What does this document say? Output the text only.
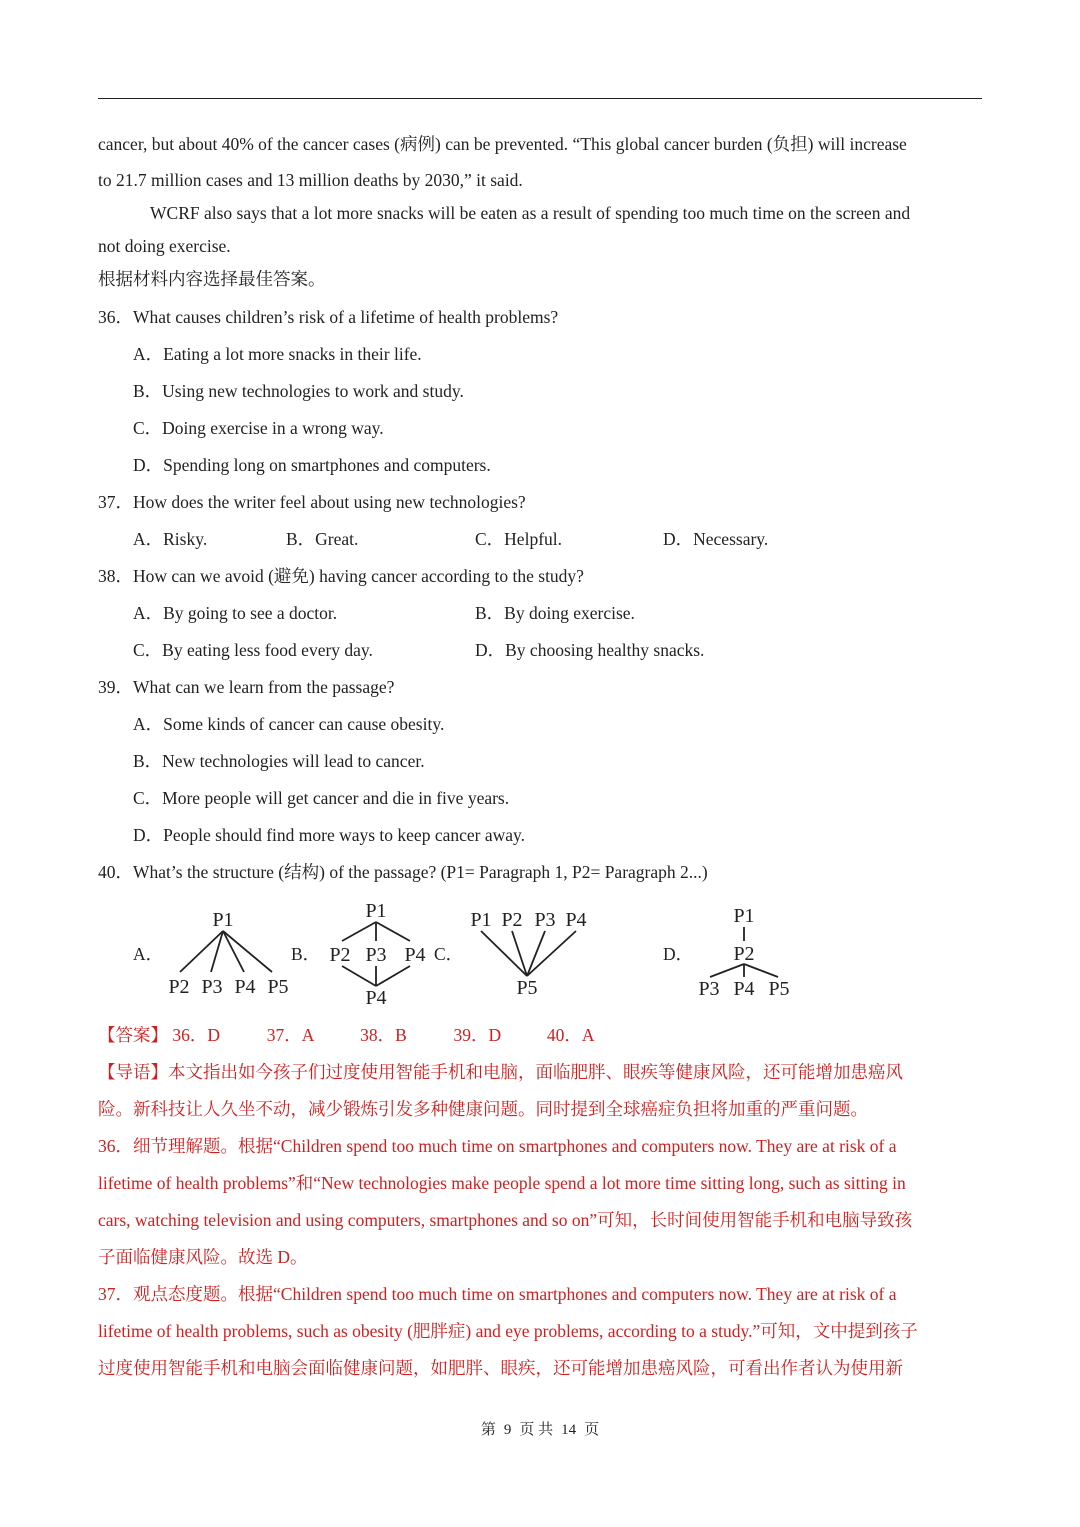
cancer, but about 40% of the cancer cases (病例) can be prevented. “This global cancer burden (负担) will increase
to 21.7 million cases and 13 million deaths by 2030,” it said.
WCRF also says that a lot more snacks will be eaten as a result of spending too much time on the screen and
not doing exercise.
根据材料内容选择最佳答案。
36．What causes children’s risk of a lifetime of health problems?
A．Eating a lot more snacks in their life.
B．Using new technologies to work and study.
C．Doing exercise in a wrong way.
D．Spending long on smartphones and computers.
37．How does the writer feel about using new technologies?
A．Risky.	B．Great.	C．Helpful.	D．Necessary.
38．How can we avoid (避免) having cancer according to the study?
A．By going to see a doctor.	B．By doing exercise.
C．By eating less food every day.	D．By choosing healthy snacks.
39．What can we learn from the passage?
A．Some kinds of cancer can cause obesity.
B．New technologies will lead to cancer.
C．More people will get cancer and die in five years.
D．People should find more ways to keep cancer away.
40．What’s the structure (结构) of the passage? (P1= Paragraph 1, P2= Paragraph 2...)
A．
P1
P2 P3 P4 P5
B．
P1
P2 P3 P4
P4
C．
P1 P2 P3 P4
P5
D．
P1
P2
P3 P4 P5
【答案】 36．D	37．A	38．B	39．D	40．A
【导语】本文指出如今孩子们过度使用智能手机和电脑，面临肥胖、眼疾等健康风险，还可能增加患癌风
险。新科技让人久坐不动，减少锻炼引发多种健康问题。同时提到全球癌症负担将加重的严重问题。
36．细节理解题。根据“Children spend too much time on smartphones and computers now. They are at risk of a
lifetime of health problems”和“New technologies make people spend a lot more time sitting long, such as sitting in
cars, watching television and using computers, smartphones and so on”可知，长时间使用智能手机和电脑导致孩
子面临健康风险。故选 D。
37．观点态度题。根据“Children spend too much time on smartphones and computers now. They are at risk of a
lifetime of health problems, such as obesity (肥胖症) and eye problems, according to a study.”可知，文中提到孩子
过度使用智能手机和电脑会面临健康问题，如肥胖、眼疾，还可能增加患癌风险，可看出作者认为使用新
第 9 页 共 14 页
